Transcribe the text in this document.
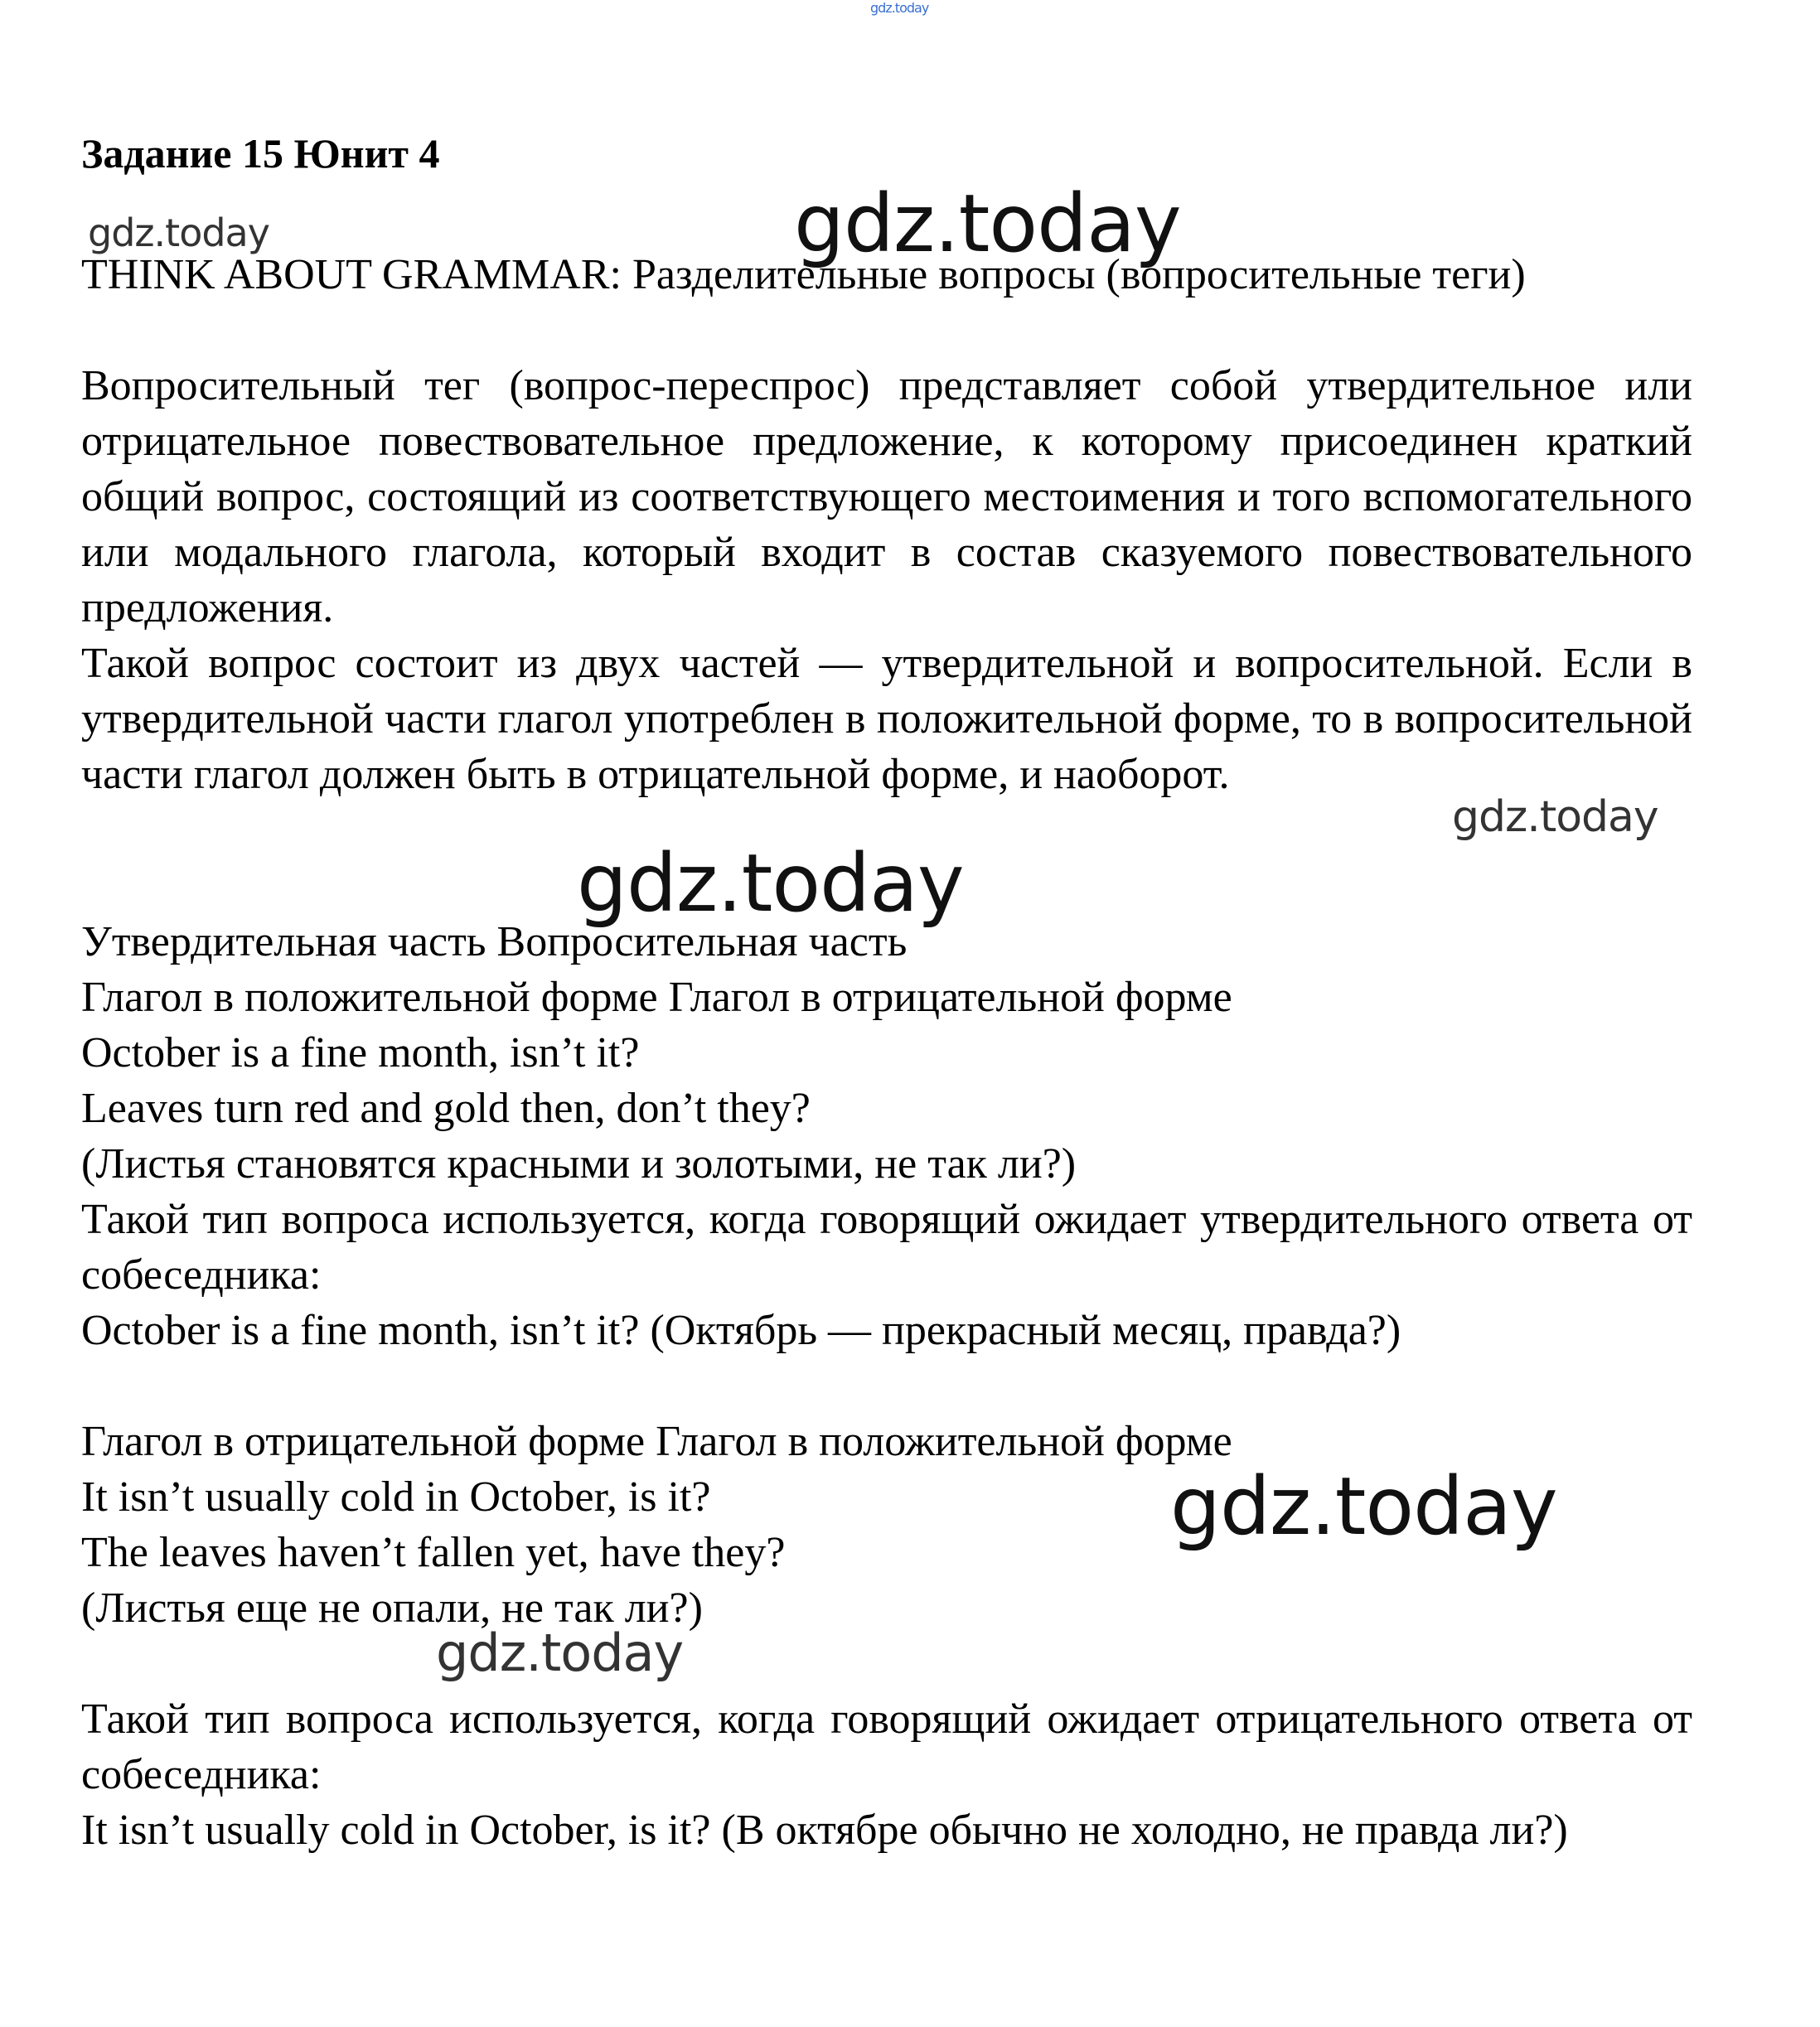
gdz.today
Задание 15 Юнит 4
gdz.today	gdz.today
THINK ABOUT GRAMMAR: Разделительные вопросы (вопросительные теги)
Вопросительный тег (вопрос-переспрос) представляет собой утвердительное или отрицательное повествовательное предложение, к которому присоединен краткий общий вопрос, состоящий из соответствующего местоимения и того вспомогательного или модального глагола, который входит в состав сказуемого повествовательного предложения.
Такой вопрос состоит из двух частей — утвердительной и вопросительной. Если в утвердительной части глагол употреблен в положительной форме, то в вопросительной части глагол должен быть в отрицательной форме, и наоборот.
gdz.today
gdz.today
Утвердительная часть Вопросительная часть
Глагол в положительной форме Глагол в отрицательной форме
October is a fine month, isn’t it?
Leaves turn red and gold then, don’t they?
(Листья становятся красными и золотыми, не так ли?)
Такой тип вопроса используется, когда говорящий ожидает утвердительного ответа от собеседника:
October is a fine month, isn’t it? (Октябрь — прекрасный месяц, правда?)
Глагол в отрицательной форме Глагол в положительной форме
It isn’t usually cold in October, is it?
The leaves haven’t fallen yet, have they?
(Листья еще не опали, не так ли?)
gdz.today
gdz.today
Такой тип вопроса используется, когда говорящий ожидает отрицательного ответа от собеседника:
It isn’t usually cold in October, is it? (В октябре обычно не холодно, не правда ли?)
